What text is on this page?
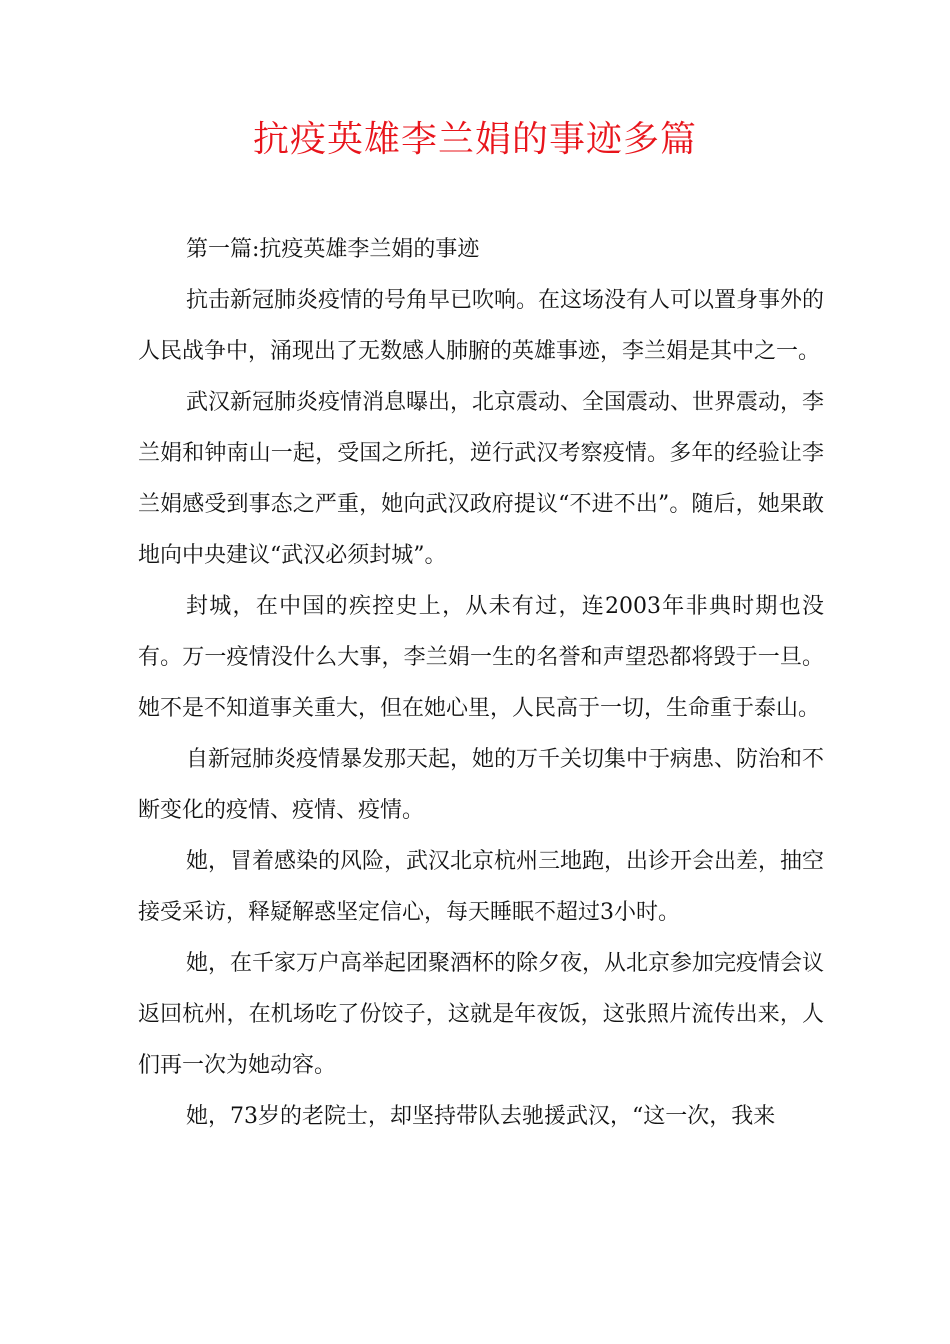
抗疫英雄李兰娟的事迹多篇

第一篇:抗疫英雄李兰娟的事迹

抗击新冠肺炎疫情的号角早已吹响。在这场没有人可以置身事外的人民战争中，涌现出了无数感人肺腑的英雄事迹，李兰娟是其中之一。

武汉新冠肺炎疫情消息曝出，北京震动、全国震动、世界震动，李兰娟和钟南山一起，受国之所托，逆行武汉考察疫情。多年的经验让李兰娟感受到事态之严重，她向武汉政府提议“不进不出”。随后，她果敢地向中央建议“武汉必须封城”。

封城，在中国的疾控史上，从未有过，连2003年非典时期也没有。万一疫情没什么大事，李兰娟一生的名誉和声望恐都将毁于一旦。她不是不知道事关重大，但在她心里，人民高于一切，生命重于泰山。

自新冠肺炎疫情暴发那天起，她的万千关切集中于病患、防治和不断变化的疫情、疫情、疫情。

她，冒着感染的风险，武汉北京杭州三地跑，出诊开会出差，抽空接受采访，释疑解惑坚定信心，每天睡眠不超过3小时。

她，在千家万户高举起团聚酒杯的除夕夜，从北京参加完疫情会议返回杭州，在机场吃了份饺子，这就是年夜饭，这张照片流传出来，人们再一次为她动容。

她，73岁的老院士，却坚持带队去驰援武汉，“这一次，我来
